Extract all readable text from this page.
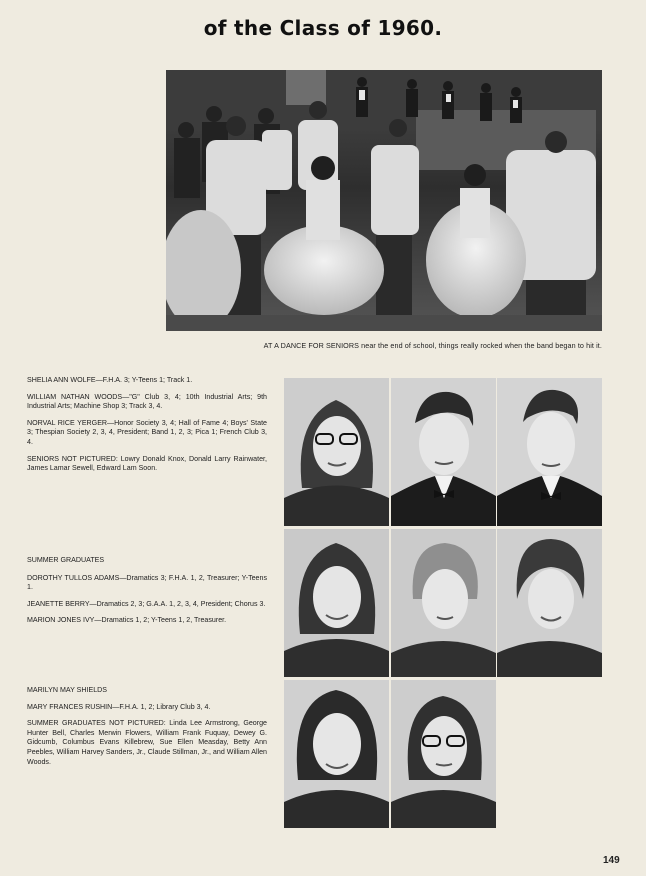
of the Class of 1960.
AT A DANCE FOR SENIORS near the end of school, things really rocked when the band began to hit it.

SHELIA ANN WOLFE—F.H.A. 3; Y-Teens 1; Track 1.

WILLIAM NATHAN WOODS—"G" Club 3, 4; 10th Industrial Arts; 9th Industrial Arts; Machine Shop 3; Track 3, 4.

NORVAL RICE YERGER—Honor Society 3, 4; Hall of Fame 4; Boys' State 3; Thespian Society 2, 3, 4, President; Band 1, 2, 3; Pica 1; French Club 3, 4.

SENIORS NOT PICTURED: Lowry Donald Knox, Donald Larry Rainwater, James Lamar Sewell, Edward Lam Soon.

SUMMER GRADUATES

DOROTHY TULLOS ADAMS—Dramatics 3; F.H.A. 1, 2, Treasurer; Y-Teens 1.

JEANETTE BERRY—Dramatics 2, 3; G.A.A. 1, 2, 3, 4, President; Chorus 3.

MARION JONES IVY—Dramatics 1, 2; Y-Teens 1, 2, Treasurer.

MARILYN MAY SHIELDS

MARY FRANCES RUSHIN—F.H.A. 1, 2; Library Club 3, 4.

SUMMER GRADUATES NOT PICTURED: Linda Lee Armstrong, George Hunter Bell, Charles Merwin Flowers, William Frank Fuquay, Dewey G. Gidcumb, Columbus Evans Killebrew, Sue Ellen Measday, Betty Ann Peebles, William Harvey Sanders, Jr., Claude Stillman, Jr., and William Allen Woods.

149
